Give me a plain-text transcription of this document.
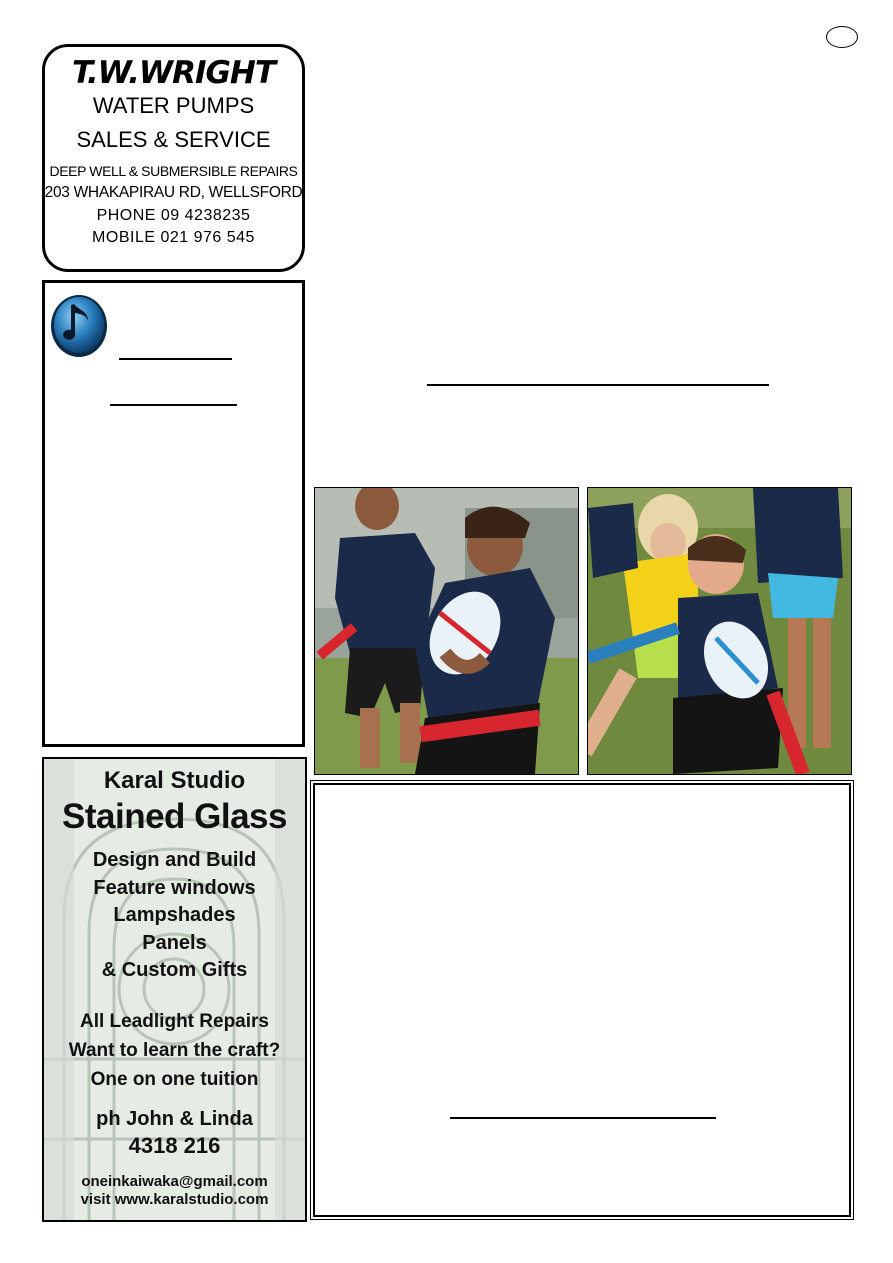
T.W.WRIGHT
WATER PUMPS
SALES & SERVICE
DEEP WELL & SUBMERSIBLE REPAIRS
203 WHAKAPIRAU RD, WELLSFORD
PHONE 09 4238235
MOBILE 021 976 545
Karal Studio
Stained Glass
Design and Build
Feature windows
Lampshades
Panels
& Custom Gifts
All Leadlight Repairs
Want to learn the craft?
One on one tuition
ph John & Linda
4318 216
oneinkaiwaka@gmail.com
visit www.karalstudio.com
